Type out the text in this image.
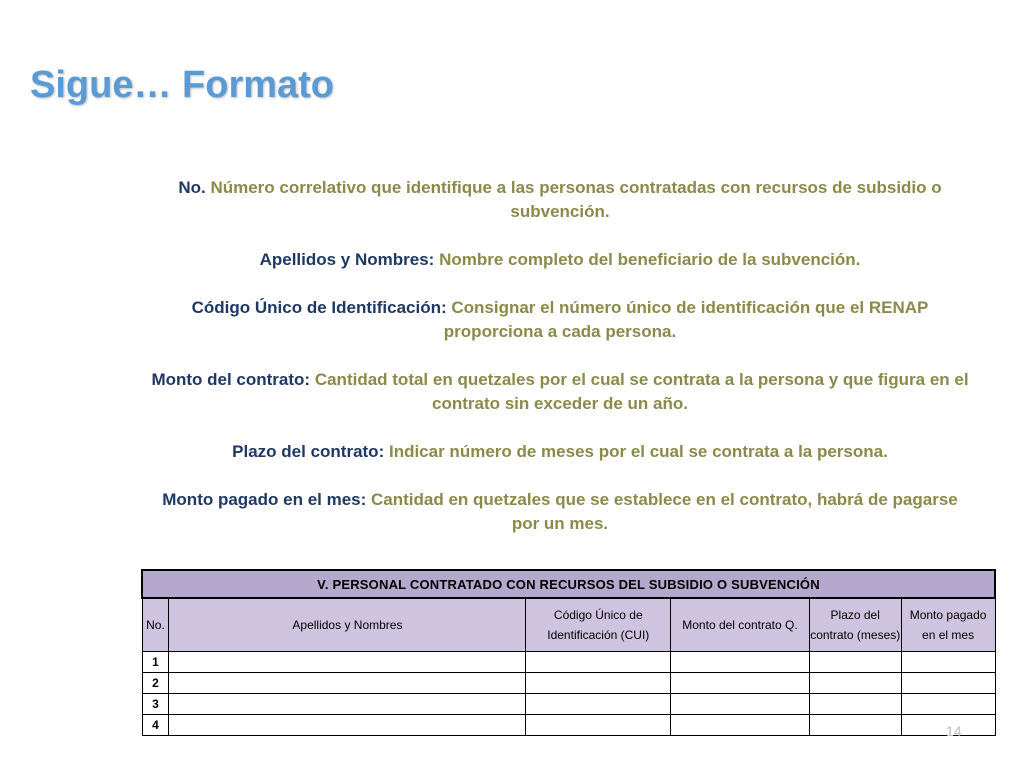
Sigue… Formato

No. Número correlativo que identifique a las personas contratadas con recursos de subsidio o subvención.

Apellidos y Nombres: Nombre completo del beneficiario de la subvención.

Código Único de Identificación: Consignar el número único de identificación que el RENAP proporciona a cada persona.

Monto del contrato: Cantidad total en quetzales por el cual se contrata a la persona y que figura en el contrato sin exceder de un año.

Plazo del contrato: Indicar número de meses por el cual se contrata a la persona.

Monto pagado en el mes: Cantidad en quetzales que se establece en el contrato, habrá de pagarse por un mes.

V. PERSONAL CONTRATADO CON RECURSOS DEL SUBSIDIO O SUBVENCIÓN					
No.	Apellidos y Nombres	Código Único de Identificación (CUI)	Monto del contrato Q.	Plazo del contrato (meses)	Monto pagado en el mes
1					
2					
3					
4						14
